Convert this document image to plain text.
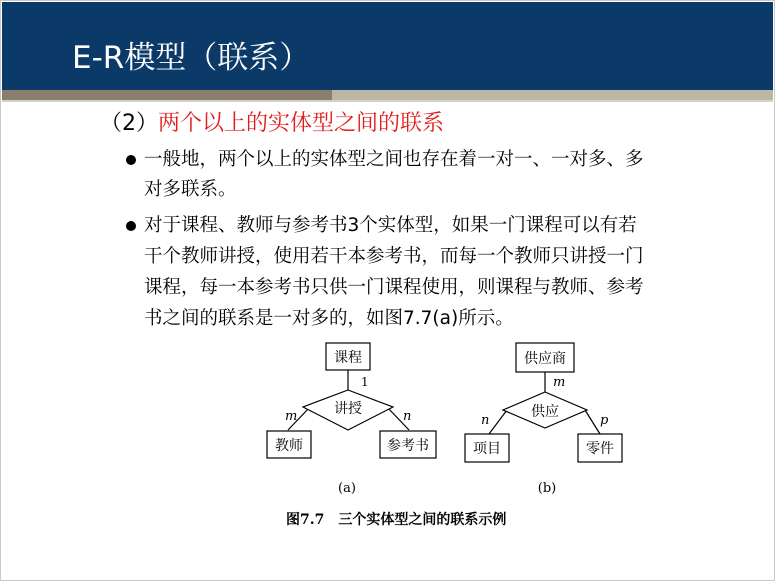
E-R模型（联系）
（2）两个以上的实体型之间的联系
一般地，两个以上的实体型之间也存在着一对一、一对多、多
对多联系。
对于课程、教师与参考书3个实体型，如果一门课程可以有若
干个教师讲授，使用若干本参考书，而每一个教师只讲授一门
课程，每一本参考书只供一门课程使用，则课程与教师、参考
书之间的联系是一对多的，如图7.7(a)所示。
课程
讲授
教师	参考书
1
m	n
(a)
供应商
供应
项目	零件
m
n	p
(b)
图7.7　三个实体型之间的联系示例
